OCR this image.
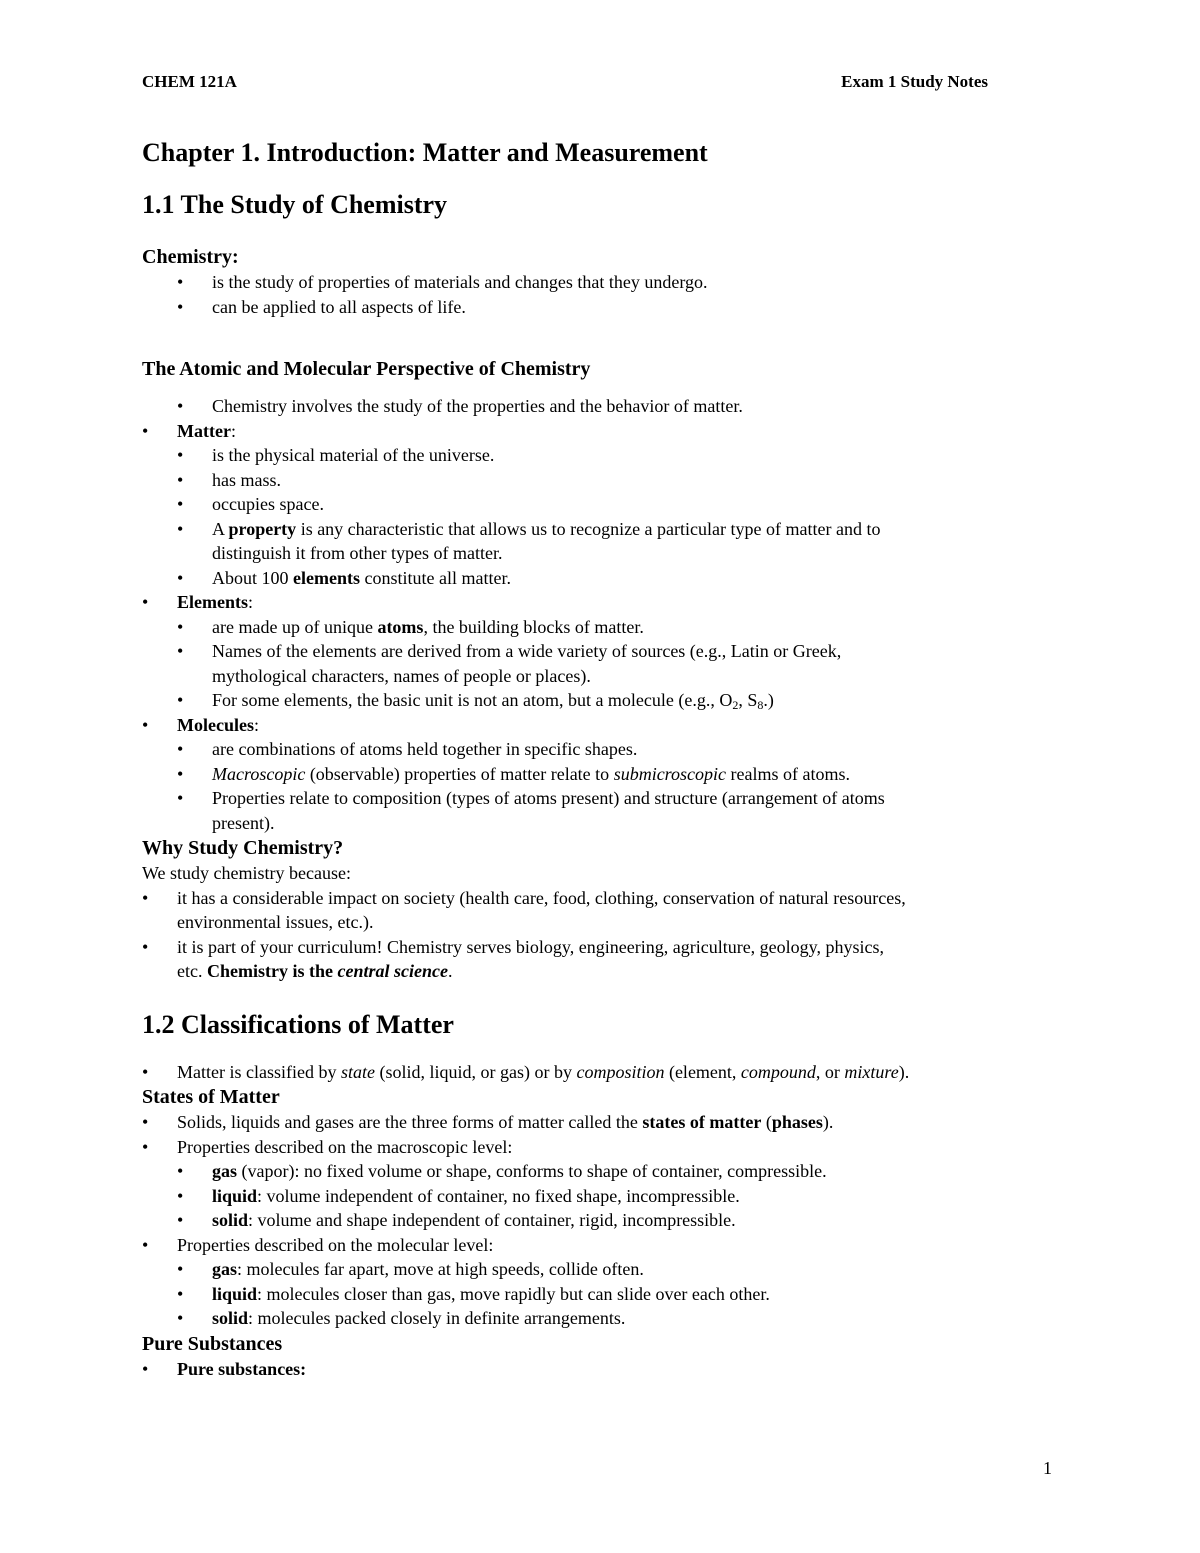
CHEM 121A	Exam 1 Study Notes
Chapter 1. Introduction: Matter and Measurement
1.1 The Study of Chemistry
Chemistry:
• is the study of properties of materials and changes that they undergo.
• can be applied to all aspects of life.
The Atomic and Molecular Perspective of Chemistry
• Chemistry involves the study of the properties and the behavior of matter.
• Matter:
• is the physical material of the universe.
• has mass.
• occupies space.
• A property is any characteristic that allows us to recognize a particular type of matter and to
distinguish it from other types of matter.
• About 100 elements constitute all matter.
• Elements:
• are made up of unique atoms, the building blocks of matter.
• Names of the elements are derived from a wide variety of sources (e.g., Latin or Greek,
mythological characters, names of people or places).
• For some elements, the basic unit is not an atom, but a molecule (e.g., $O_2$, $S_8$.)
• Molecules:
• are combinations of atoms held together in specific shapes.
• Macroscopic (observable) properties of matter relate to submicroscopic realms of atoms.
• Properties relate to composition (types of atoms present) and structure (arrangement of atoms
present).
Why Study Chemistry?
We study chemistry because:
• it has a considerable impact on society (health care, food, clothing, conservation of natural resources,
environmental issues, etc.).
• it is part of your curriculum! Chemistry serves biology, engineering, agriculture, geology, physics,
etc. Chemistry is the central science.
1.2 Classifications of Matter
• Matter is classified by state (solid, liquid, or gas) or by composition (element, compound, or mixture).
States of Matter
• Solids, liquids and gases are the three forms of matter called the states of matter (phases).
• Properties described on the macroscopic level:
• gas (vapor): no fixed volume or shape, conforms to shape of container, compressible.
• liquid: volume independent of container, no fixed shape, incompressible.
• solid: volume and shape independent of container, rigid, incompressible.
• Properties described on the molecular level:
• gas: molecules far apart, move at high speeds, collide often.
• liquid: molecules closer than gas, move rapidly but can slide over each other.
• solid: molecules packed closely in definite arrangements.
Pure Substances
• Pure substances:
1
